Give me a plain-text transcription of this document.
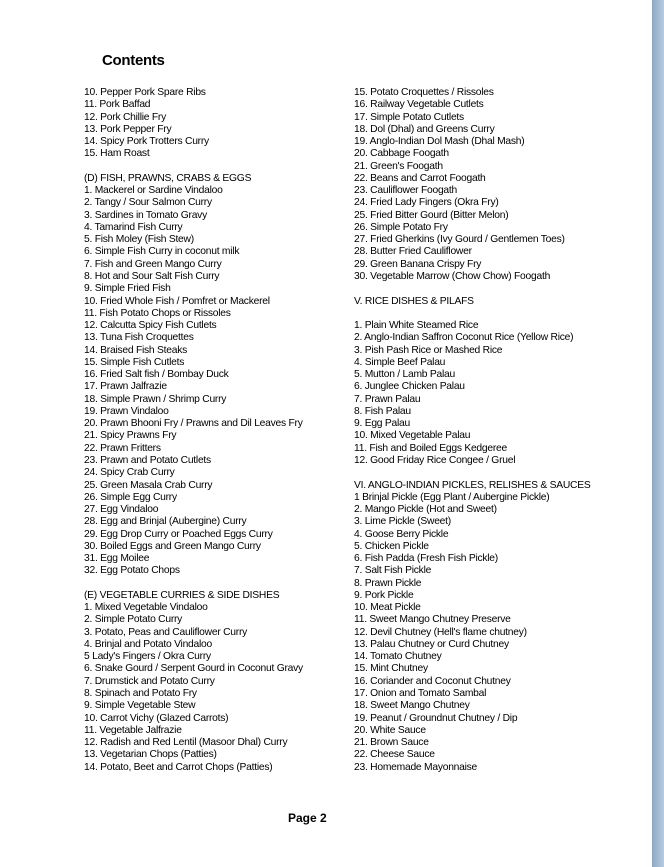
Contents
10. Pepper Pork Spare Ribs
11. Pork Baffad
12. Pork Chillie Fry
13. Pork Pepper Fry
14. Spicy Pork Trotters Curry
15. Ham Roast
(D) FISH, PRAWNS, CRABS & EGGS
1. Mackerel or Sardine Vindaloo
2. Tangy / Sour Salmon Curry
3. Sardines in Tomato Gravy
4. Tamarind Fish Curry
5. Fish Moley (Fish Stew)
6. Simple Fish Curry in coconut milk
7. Fish and Green Mango Curry
8. Hot and Sour Salt Fish Curry
9. Simple Fried Fish
10. Fried Whole Fish / Pomfret or Mackerel
11. Fish Potato Chops or Rissoles
12. Calcutta Spicy Fish Cutlets
13. Tuna Fish Croquettes
14. Braised Fish Steaks
15. Simple Fish Cutlets
16. Fried Salt fish / Bombay Duck
17. Prawn Jalfrazie
18. Simple Prawn / Shrimp Curry
19. Prawn Vindaloo
20. Prawn Bhooni Fry / Prawns and Dil Leaves Fry
21. Spicy Prawns Fry
22. Prawn Fritters
23. Prawn and Potato Cutlets
24. Spicy Crab Curry
25. Green Masala Crab Curry
26. Simple Egg Curry
27. Egg Vindaloo
28. Egg and Brinjal (Aubergine) Curry
29. Egg Drop Curry or Poached Eggs Curry
30. Boiled Eggs and Green Mango Curry
31. Egg Moilee
32. Egg Potato Chops
(E) VEGETABLE CURRIES & SIDE DISHES
1. Mixed Vegetable Vindaloo
2. Simple Potato Curry
3. Potato, Peas and Cauliflower Curry
4. Brinjal and Potato Vindaloo
5 Lady's Fingers / Okra Curry
6. Snake Gourd / Serpent Gourd in Coconut Gravy
7. Drumstick and Potato Curry
8. Spinach and Potato Fry
9. Simple Vegetable Stew
10. Carrot Vichy (Glazed Carrots)
11. Vegetable Jalfrazie
12. Radish and Red Lentil (Masoor Dhal) Curry
13. Vegetarian Chops (Patties)
14. Potato, Beet and Carrot Chops (Patties)
15. Potato Croquettes / Rissoles
16. Railway Vegetable Cutlets
17. Simple Potato Cutlets
18. Dol (Dhal) and Greens Curry
19. Anglo-Indian Dol Mash (Dhal Mash)
20. Cabbage Foogath
21. Green's Foogath
22. Beans and Carrot Foogath
23. Cauliflower Foogath
24. Fried Lady Fingers (Okra Fry)
25. Fried Bitter Gourd (Bitter Melon)
26. Simple Potato Fry
27. Fried Gherkins (Ivy Gourd / Gentlemen Toes)
28. Butter Fried Cauliflower
29. Green Banana Crispy Fry
30. Vegetable Marrow (Chow Chow) Foogath
V. RICE DISHES & PILAFS
1. Plain White Steamed Rice
2. Anglo-Indian Saffron Coconut Rice (Yellow Rice)
3. Pish Pash Rice or Mashed Rice
4. Simple Beef Palau
5. Mutton / Lamb Palau
6. Junglee Chicken Palau
7. Prawn Palau
8. Fish Palau
9. Egg Palau
10. Mixed Vegetable Palau
11. Fish and Boiled Eggs Kedgeree
12. Good Friday Rice Congee / Gruel
VI. ANGLO-INDIAN PICKLES, RELISHES & SAUCES
1 Brinjal Pickle (Egg Plant / Aubergine Pickle)
2. Mango Pickle (Hot and Sweet)
3. Lime Pickle (Sweet)
4. Goose Berry Pickle
5. Chicken Pickle
6. Fish Padda (Fresh Fish Pickle)
7. Salt Fish Pickle
8. Prawn Pickle
9. Pork Pickle
10. Meat Pickle
11. Sweet Mango Chutney Preserve
12. Devil Chutney (Hell's flame chutney)
13. Palau Chutney or Curd Chutney
14. Tomato Chutney
15. Mint Chutney
16. Coriander and Coconut Chutney
17. Onion and Tomato Sambal
18. Sweet Mango Chutney
19. Peanut / Groundnut Chutney / Dip
20. White Sauce
21. Brown Sauce
22. Cheese Sauce
23. Homemade Mayonnaise
Page 2
